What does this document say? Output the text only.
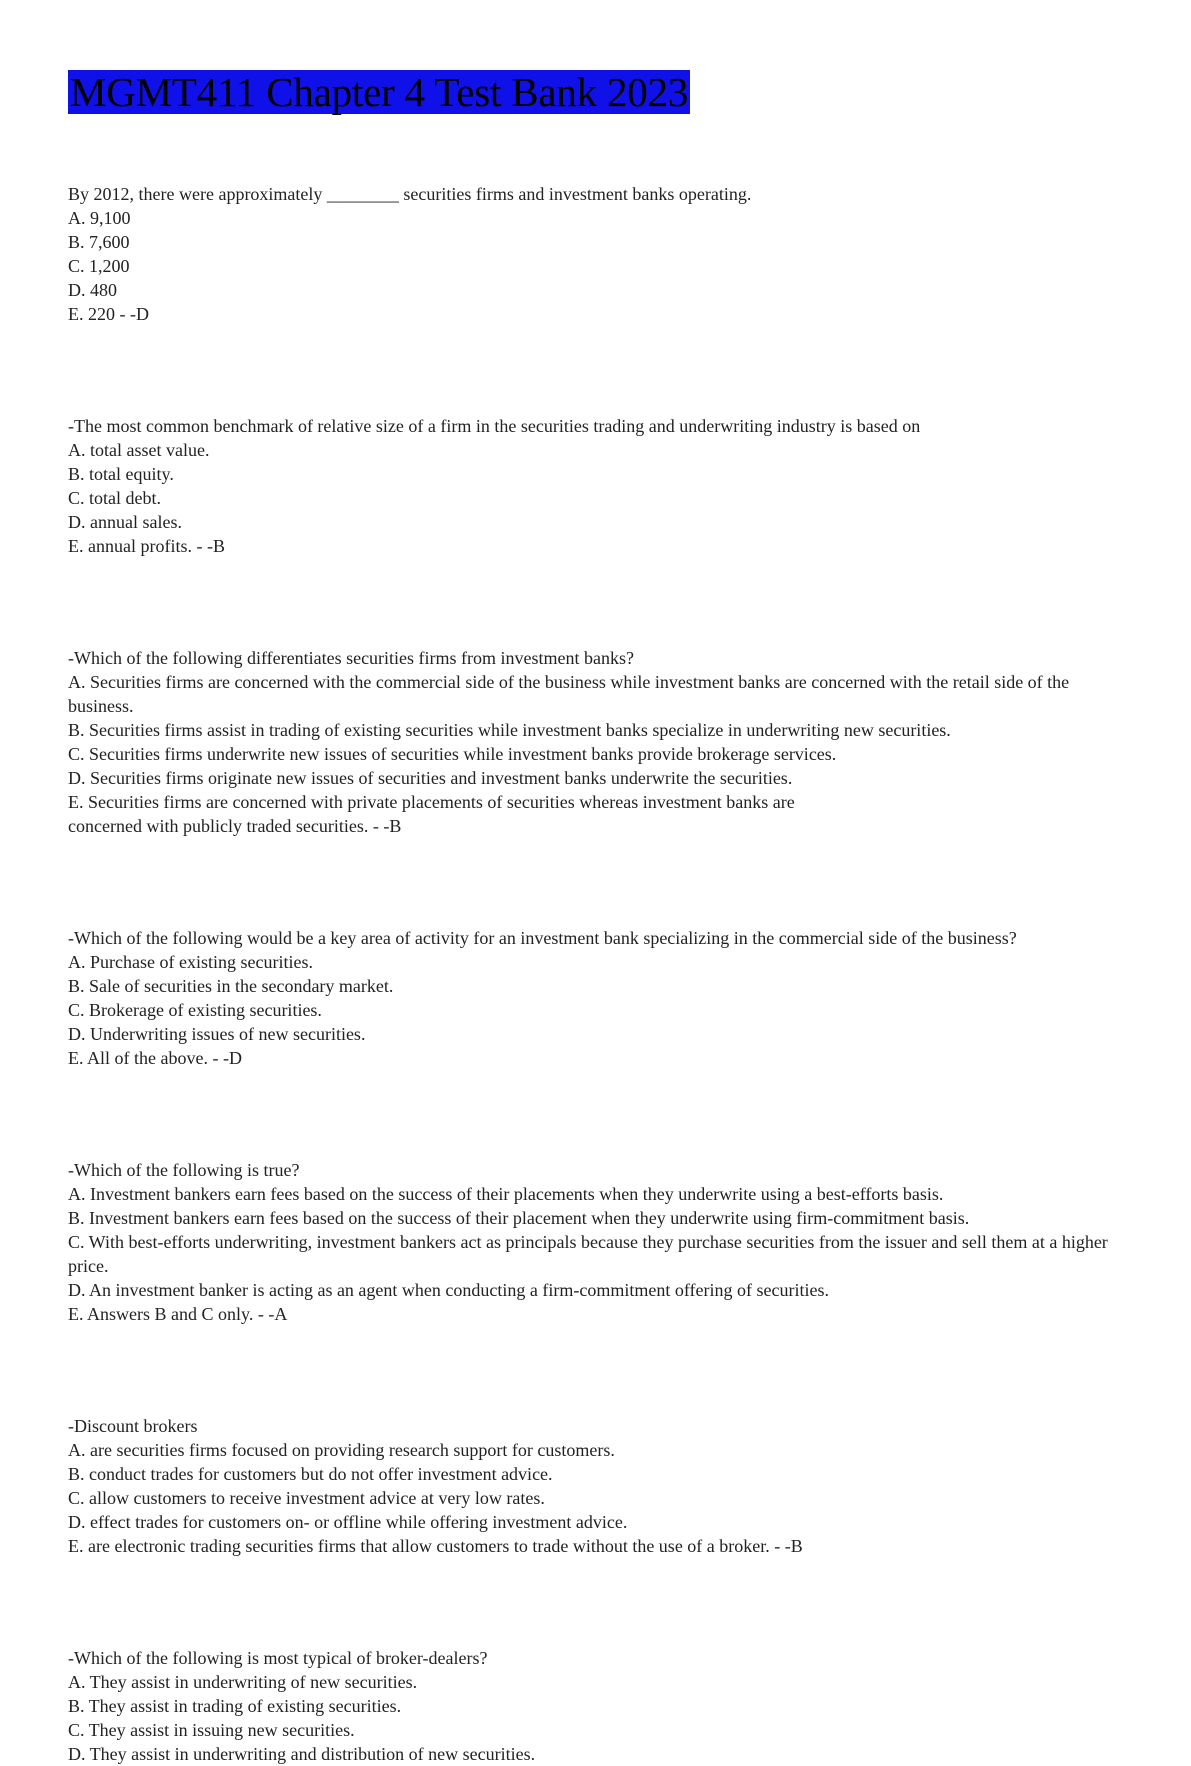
MGMT411 Chapter 4 Test Bank 2023
By 2012, there were approximately ________ securities firms and investment banks operating.
A. 9,100
B. 7,600
C. 1,200
D. 480
E. 220 - -D
-The most common benchmark of relative size of a firm in the securities trading and underwriting industry is based on
A. total asset value.
B. total equity.
C. total debt.
D. annual sales.
E. annual profits. - -B
-Which of the following differentiates securities firms from investment banks?
A. Securities firms are concerned with the commercial side of the business while investment banks are concerned with the retail side of the business.
B. Securities firms assist in trading of existing securities while investment banks specialize in underwriting new securities.
C. Securities firms underwrite new issues of securities while investment banks provide brokerage services.
D. Securities firms originate new issues of securities and investment banks underwrite the securities.
E. Securities firms are concerned with private placements of securities whereas investment banks are
concerned with publicly traded securities. - -B
-Which of the following would be a key area of activity for an investment bank specializing in the commercial side of the business?
A. Purchase of existing securities.
B. Sale of securities in the secondary market.
C. Brokerage of existing securities.
D. Underwriting issues of new securities.
E. All of the above. - -D
-Which of the following is true?
A. Investment bankers earn fees based on the success of their placements when they underwrite using a best-efforts basis.
B. Investment bankers earn fees based on the success of their placement when they underwrite using firm-commitment basis.
C. With best-efforts underwriting, investment bankers act as principals because they purchase securities from the issuer and sell them at a higher price.
D. An investment banker is acting as an agent when conducting a firm-commitment offering of securities.
E. Answers B and C only. - -A
-Discount brokers
A. are securities firms focused on providing research support for customers.
B. conduct trades for customers but do not offer investment advice.
C. allow customers to receive investment advice at very low rates.
D. effect trades for customers on- or offline while offering investment advice.
E. are electronic trading securities firms that allow customers to trade without the use of a broker. - -B
-Which of the following is most typical of broker-dealers?
A. They assist in underwriting of new securities.
B. They assist in trading of existing securities.
C. They assist in issuing new securities.
D. They assist in underwriting and distribution of new securities.
